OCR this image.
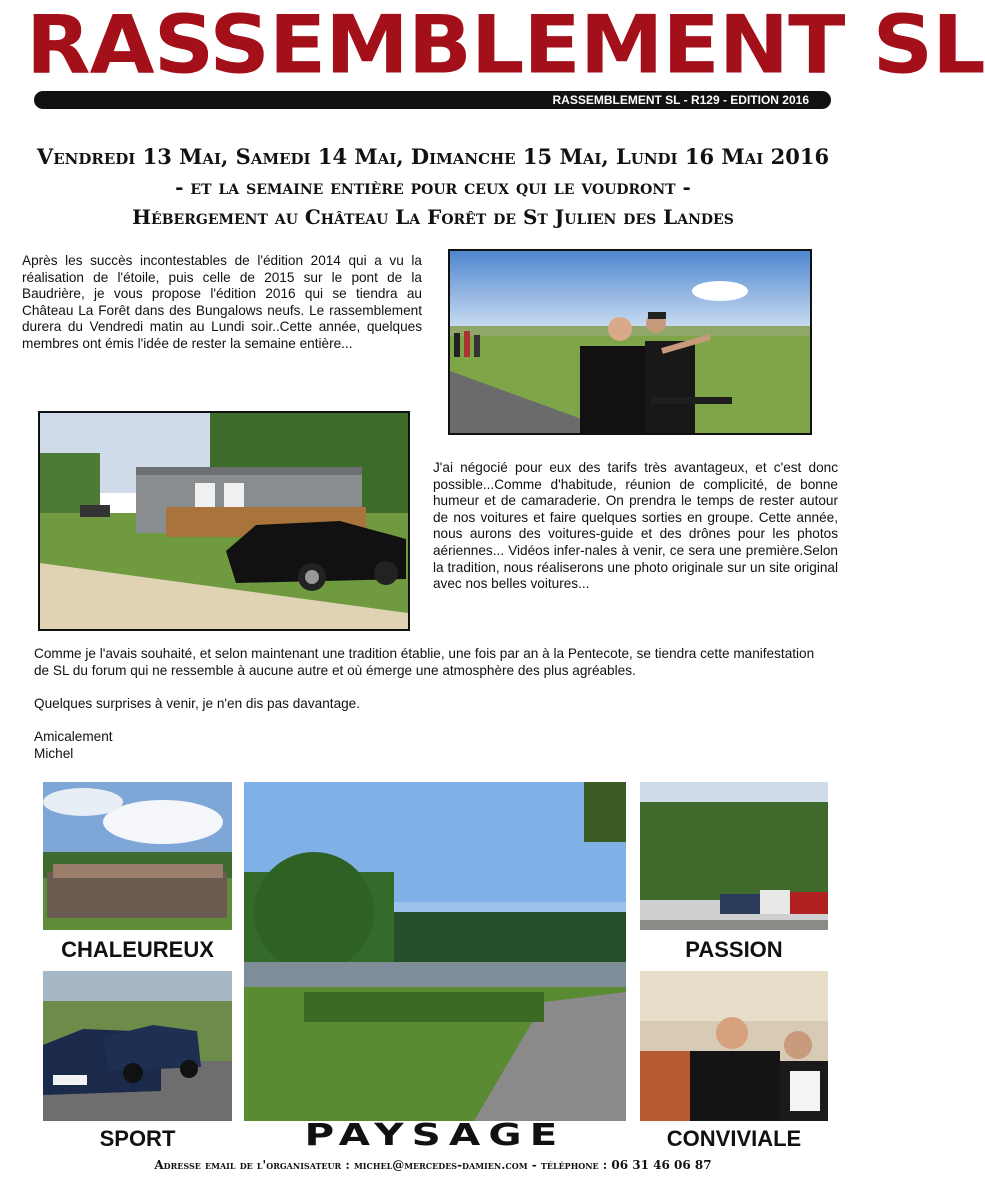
RASSEMBLEMENT SL
RASSEMBLEMENT SL - R129 - EDITION 2016
Vendredi 13 Mai, Samedi 14 Mai, Dimanche 15 Mai, Lundi 16 Mai 2016
- et la semaine entière pour ceux qui le voudront -
Hébergement au Château La Forêt de St Julien des Landes
Après les succès incontestables de l'édition 2014 qui a vu la réalisation de l'étoile, puis celle de 2015 sur le pont de la Baudrière, je vous propose l'édition 2016 qui se tiendra au Château La Forêt dans des Bungalows neufs. Le rassemblement durera du Vendredi matin au Lundi soir..Cette année, quelques membres ont émis l'idée de rester la semaine entière...
J'ai négocié pour eux des tarifs très avantageux, et c'est donc possible...Comme d'habitude, réunion de complicité, de bonne humeur et de camaraderie. On prendra le temps de rester autour de nos voitures et faire quelques sorties en groupe. Cette année, nous aurons des voitures-guide et des drônes pour les photos aériennes... Vidéos infer-nales à venir, ce sera une première.Selon la tradition, nous réaliserons une photo originale sur un site original avec nos belles voitures...
Comme je l'avais souhaité, et selon maintenant une tradition établie, une fois par an à la Pentecote, se tiendra cette manifestation de SL du forum qui ne ressemble à aucune autre et où émerge une atmosphère des plus agréables.
Quelques surprises à venir, je n'en dis pas davantage.
Amicalement
Michel
CHALEUREUX
SPORT	PAYSAGE
PASSION
CONVIVIALE
Adresse email de l'organisateur : michel@mercedes-damien.com - téléphone : 06 31 46 06 87
